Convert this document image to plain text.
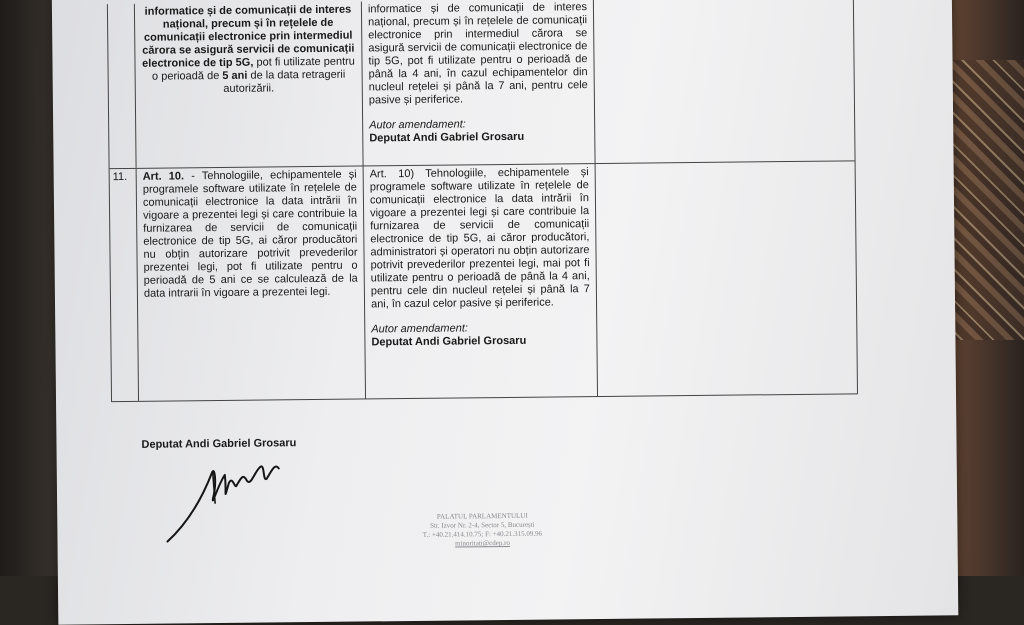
informatice și de comunicații de interes național, precum și în rețelele de comunicații electronice prin intermediul cărora se asigură servicii de comunicații electronice de tip 5G, pot fi utilizate pentru o perioadă de 5 ani de la data retragerii autorizării.
informatice și de comunicații de interes național, precum și în rețelele de comunicații electronice prin intermediul cărora se asigură servicii de comunicații electronice de tip 5G, pot fi utilizate pentru o perioadă de până la 4 ani, în cazul echipamentelor din nucleul rețelei și până la 7 ani, pentru cele pasive și periferice.
Autor amendament:
Deputat Andi Gabriel Grosaru
11.	Art. 10. - Tehnologiile, echipamentele și programele software utilizate în rețelele de comunicații electronice la data intrării în vigoare a prezentei legi și care contribuie la furnizarea de servicii de comunicații electronice de tip 5G, ai căror producători nu obțin autorizare potrivit prevederilor prezentei legi, pot fi utilizate pentru o perioadă de 5 ani ce se calculează de la data intrarii în vigoare a prezentei legi.
Art. 10) Tehnologiile, echipamentele și programele software utilizate în rețelele de comunicații electronice la data intrării în vigoare a prezentei legi și care contribuie la furnizarea de servicii de comunicații electronice de tip 5G, ai căror producători, administratori și operatori nu obțin autorizare potrivit prevederilor prezentei legi, mai pot fi utilizate pentru o perioadă de până la 4 ani, pentru cele din nucleul rețelei și până la 7 ani, în cazul celor pasive și periferice.
Autor amendament:
Deputat Andi Gabriel Grosaru
Deputat Andi Gabriel Grosaru
PALATUL PARLAMENTULUI
Str. Izvor Nr. 2-4, Sector 5, București
T.: +40.21.414.10.75; F: +40.21.315.09.96
minoritati@cdep.ro
